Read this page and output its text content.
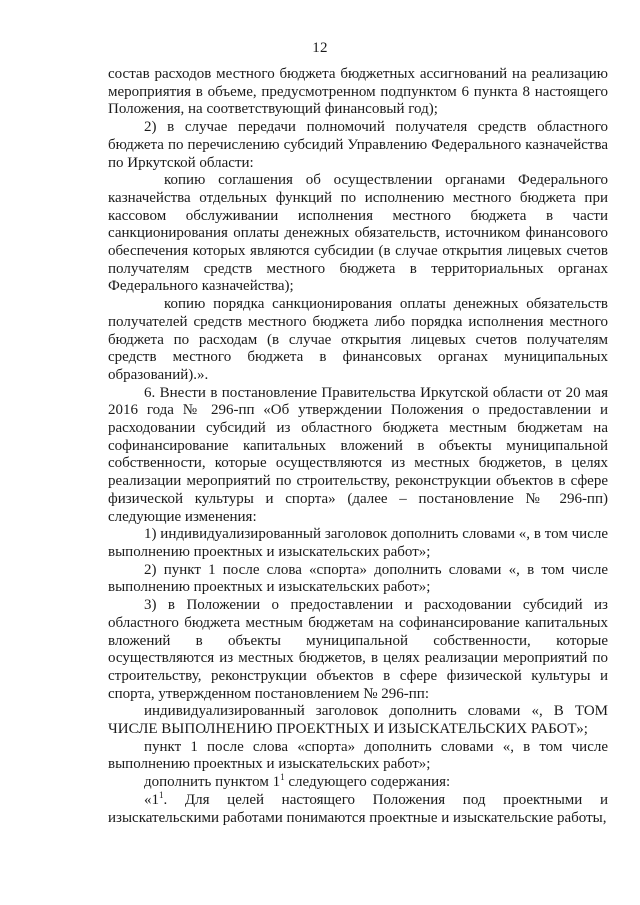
12

состав расходов местного бюджета бюджетных ассигнований на реализацию мероприятия в объеме, предусмотренном подпунктом 6 пункта 8 настоящего Положения, на соответствующий финансовый год);

2) в случае передачи полномочий получателя средств областного бюджета по перечислению субсидий Управлению Федерального казначейства по Иркутской области:

копию соглашения об осуществлении органами Федерального казначейства отдельных функций по исполнению местного бюджета при кассовом обслуживании исполнения местного бюджета в части санкционирования оплаты денежных обязательств, источником финансового обеспечения которых являются субсидии (в случае открытия лицевых счетов получателям средств местного бюджета в территориальных органах Федерального казначейства);

копию порядка санкционирования оплаты денежных обязательств получателей средств местного бюджета либо порядка исполнения местного бюджета по расходам (в случае открытия лицевых счетов получателям средств местного бюджета в финансовых органах муниципальных образований).».

6. Внести в постановление Правительства Иркутской области от 20 мая 2016 года № 296-пп «Об утверждении Положения о предоставлении и расходовании субсидий из областного бюджета местным бюджетам на софинансирование капитальных вложений в объекты муниципальной собственности, которые осуществляются из местных бюджетов, в целях реализации мероприятий по строительству, реконструкции объектов в сфере физической культуры и спорта» (далее – постановление № 296-пп) следующие изменения:

1) индивидуализированный заголовок дополнить словами «, в том числе выполнению проектных и изыскательских работ»;

2) пункт 1 после слова «спорта» дополнить словами «, в том числе выполнению проектных и изыскательских работ»;

3) в Положении о предоставлении и расходовании субсидий из областного бюджета местным бюджетам на софинансирование капитальных вложений в объекты муниципальной собственности, которые осуществляются из местных бюджетов, в целях реализации мероприятий по строительству, реконструкции объектов в сфере физической культуры и спорта, утвержденном постановлением № 296-пп:

индивидуализированный заголовок дополнить словами «, В ТОМ ЧИСЛЕ ВЫПОЛНЕНИЮ ПРОЕКТНЫХ И ИЗЫСКАТЕЛЬСКИХ РАБОТ»;

пункт 1 после слова «спорта» дополнить словами «, в том числе выполнению проектных и изыскательских работ»;

дополнить пунктом $1^1$ следующего содержания:

«$1^1$. Для целей настоящего Положения под проектными и изыскательскими работами понимаются проектные и изыскательские работы,
